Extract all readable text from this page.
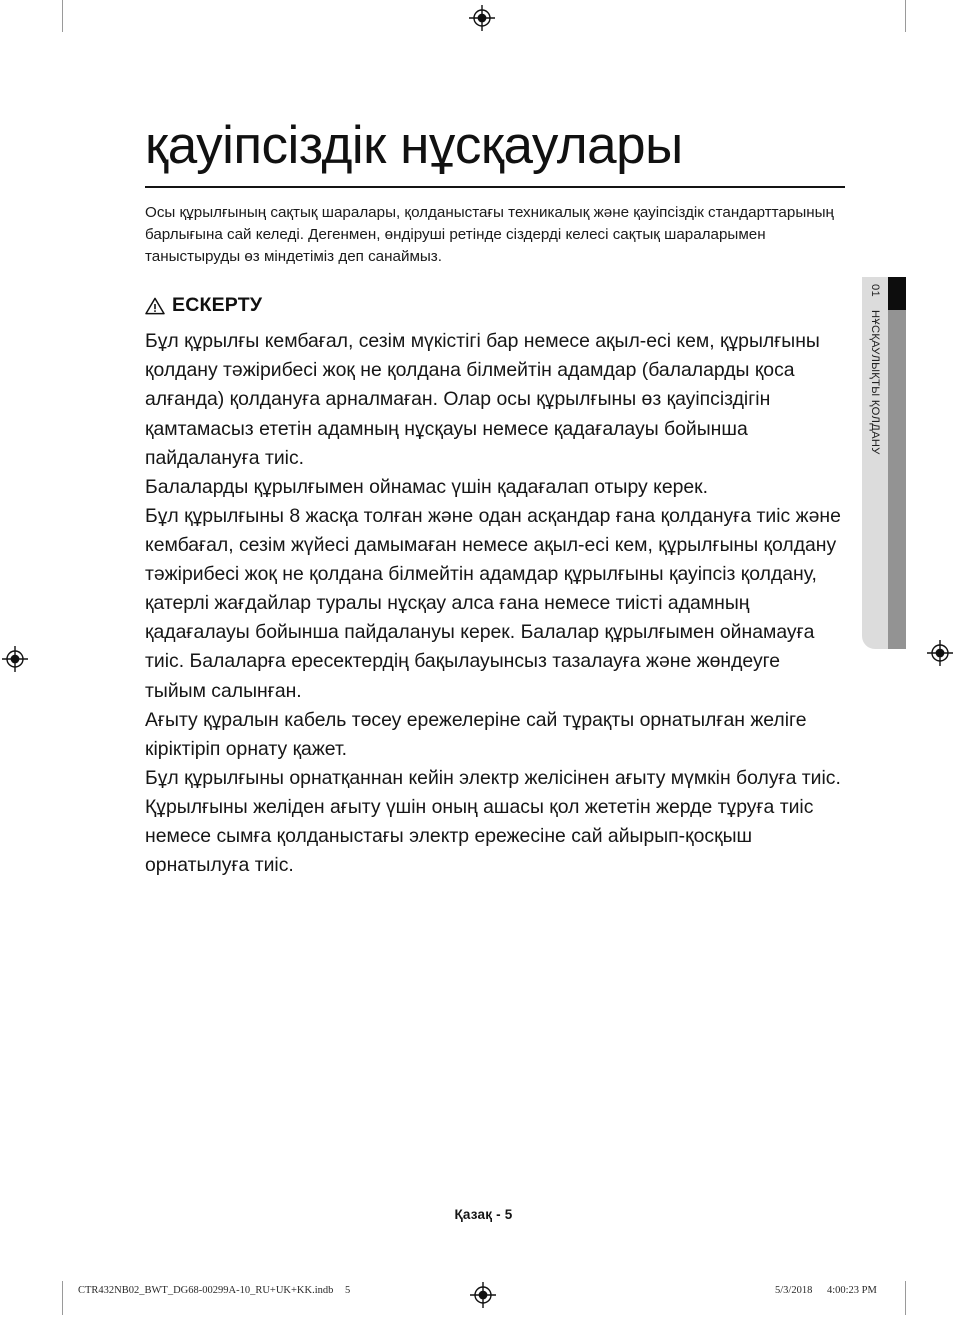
қауіпсіздік нұсқаулары

Осы құрылғының сақтық шаралары, қолданыстағы техникалық және қауіпсіздік стандарттарының барлығына сай келеді. Дегенмен, өндіруші ретінде сіздерді келесі сақтық шараларымен таныстыруды өз міндетіміз деп санаймыз.

ЕСКЕРТУ

Бұл құрылғы кембағал, сезім мүкістігі бар немесе ақыл-есі кем, құрылғыны қолдану тәжірибесі жоқ не қолдана білмейтін адамдар (балаларды қоса алғанда) қолдануға арналмаған. Олар осы құрылғыны өз қауіпсіздігін қамтамасыз ететін адамның нұсқауы немесе қадағалауы бойынша пайдалануға тиіс.

Балаларды құрылғымен ойнамас үшін қадағалап отыру керек.

Бұл құрылғыны 8 жасқа толған және одан асқандар ғана қолдануға тиіс және кембағал, сезім жүйесі дамымаған немесе ақыл-есі кем, құрылғыны қолдану тәжірибесі жоқ не қолдана білмейтін адамдар құрылғыны қауіпсіз қолдану, қатерлі жағдайлар туралы нұсқау алса ғана немесе тиісті адамның қадағалауы бойынша пайдалануы керек. Балалар құрылғымен ойнамауға тиіс. Балаларға ересектердің бақылауынсыз тазалауға және жөндеуге тыйым салынған.

Ағыту құралын кабель төсеу ережелеріне сай тұрақты орнатылған желіге кіріктіріп орнату қажет.

Бұл құрылғыны орнатқаннан кейін электр желісінен ағыту мүмкін болуға тиіс. Құрылғыны желіден ағыту үшін оның ашасы қол жететін жерде тұруға тиіс немесе сымға қолданыстағы электр ережесіне сай айырып-қосқыш орнатылуға тиіс.

01
НҰСҚАУЛЫҚТЫ ҚОЛДАНУ
Қазақ - 5
CTR432NB02_BWT_DG68-00299A-10_RU+UK+KK.indb 5	5/3/2018 4:00:23 PM
